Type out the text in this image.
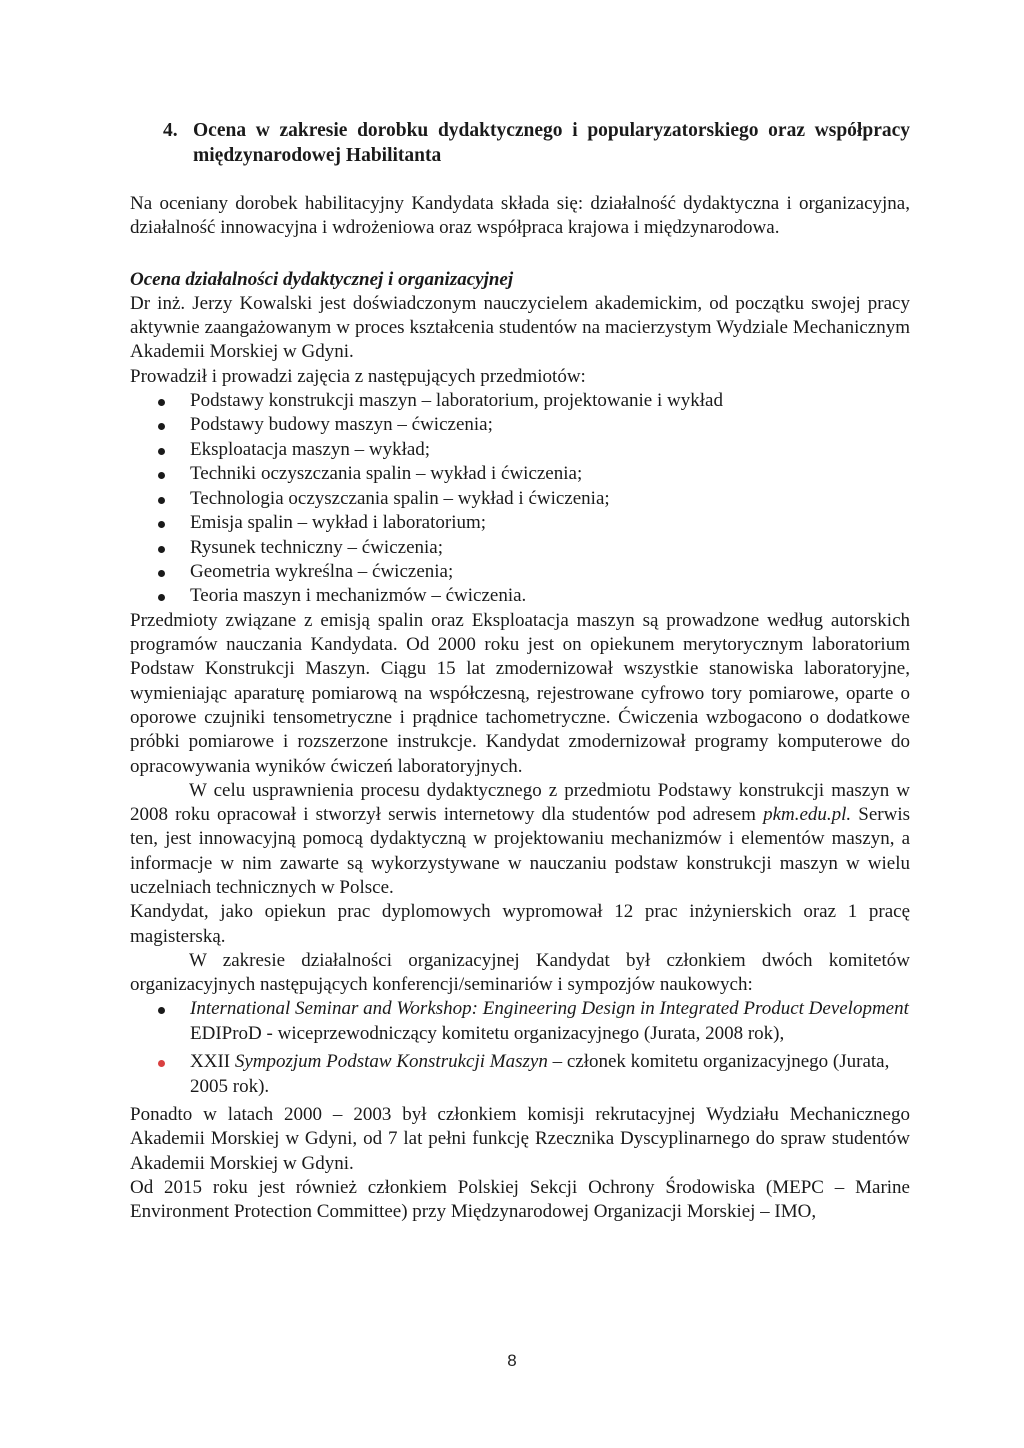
4. Ocena w zakresie dorobku dydaktycznego i popularyzatorskiego oraz współpracy międzynarodowej Habilitanta

Na oceniany dorobek habilitacyjny Kandydata składa się: działalność dydaktyczna i organizacyjna, działalność innowacyjna i wdrożeniowa oraz współpraca krajowa i międzynarodowa.

Ocena działalności dydaktycznej i organizacyjnej

Dr inż. Jerzy Kowalski jest doświadczonym nauczycielem akademickim, od początku swojej pracy aktywnie zaangażowanym w proces kształcenia studentów na macierzystym Wydziale Mechanicznym Akademii Morskiej w Gdyni.

Prowadził i prowadzi zajęcia z następujących przedmiotów:

Podstawy konstrukcji maszyn – laboratorium, projektowanie i wykład
Podstawy budowy maszyn – ćwiczenia;
Eksploatacja maszyn – wykład;
Techniki oczyszczania spalin – wykład i ćwiczenia;
Technologia oczyszczania spalin – wykład i ćwiczenia;
Emisja spalin – wykład i laboratorium;
Rysunek techniczny – ćwiczenia;
Geometria wykreślna – ćwiczenia;
Teoria maszyn i mechanizmów – ćwiczenia.

Przedmioty związane z emisją spalin oraz Eksploatacja maszyn są prowadzone według autorskich programów nauczania Kandydata. Od 2000 roku jest on opiekunem merytorycznym laboratorium Podstaw Konstrukcji Maszyn. Ciągu 15 lat zmodernizował wszystkie stanowiska laboratoryjne, wymieniając aparaturę pomiarową na współczesną, rejestrowane cyfrowo tory pomiarowe, oparte o oporowe czujniki tensometryczne i prądnice tachometryczne. Ćwiczenia wzbogacono o dodatkowe próbki pomiarowe i rozszerzone instrukcje. Kandydat zmodernizował programy komputerowe do opracowywania wyników ćwiczeń laboratoryjnych.

W celu usprawnienia procesu dydaktycznego z przedmiotu Podstawy konstrukcji maszyn w 2008 roku opracował i stworzył serwis internetowy dla studentów pod adresem pkm.edu.pl. Serwis ten, jest innowacyjną pomocą dydaktyczną w projektowaniu mechanizmów i elementów maszyn, a informacje w nim zawarte są wykorzystywane w nauczaniu podstaw konstrukcji maszyn w wielu uczelniach technicznych w Polsce.

Kandydat, jako opiekun prac dyplomowych wypromował 12 prac inżynierskich oraz 1 pracę magisterską.

W zakresie działalności organizacyjnej Kandydat był członkiem dwóch komitetów organizacyjnych następujących konferencji/seminariów i sympozjów naukowych:

International Seminar and Workshop: Engineering Design in Integrated Product Development EDIProD - wiceprzewodniczący komitetu organizacyjnego (Jurata, 2008 rok),
XXII Sympozjum Podstaw Konstrukcji Maszyn – członek komitetu organizacyjnego (Jurata, 2005 rok).

Ponadto w latach 2000 – 2003 był członkiem komisji rekrutacyjnej Wydziału Mechanicznego Akademii Morskiej w Gdyni, od 7 lat pełni funkcję Rzecznika Dyscyplinarnego do spraw studentów Akademii Morskiej w Gdyni.

Od 2015 roku jest również członkiem Polskiej Sekcji Ochrony Środowiska (MEPC – Marine Environment Protection Committee) przy Międzynarodowej Organizacji Morskiej – IMO,

8
